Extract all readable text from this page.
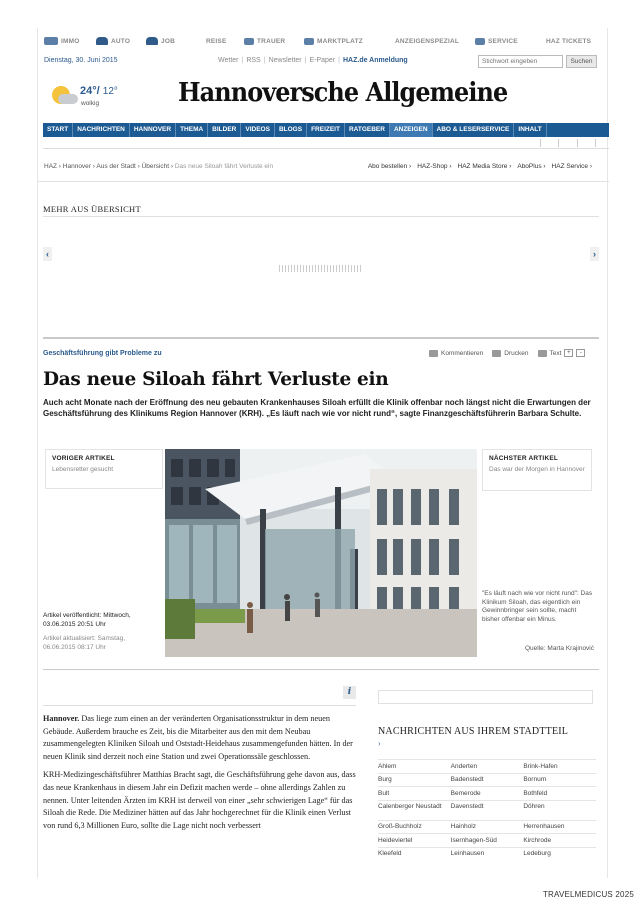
IMMO	AUTO	JOB	REISE	TRAUER	MARKTPLATZ	ANZEIGENSPEZIAL	SERVICE	HAZ TICKETS
Dienstag, 30. Juni 2015	Wetter | RSS | Newsletter | E-Paper | HAZ.de Anmeldung
Stichwort eingeben	Suchen
24°/ 12°
wolkig	Hannoversche Allgemeine
START	NACHRICHTEN	HANNOVER	THEMA	BILDER	VIDEOS	BLOGS	FREIZEIT	RATGEBER	ANZEIGEN	ABO & LESERSERVICE	INHALT
HAZ › Hannover › Aus der Stadt › Übersicht › Das neue Siloah fährt Verluste ein	Abo bestellen › HAZ-Shop › HAZ Media Store › AboPlus › HAZ Service ›
MEHR AUS ÜBERSICHT
‹	›
Geschäftsführung gibt Probleme zu	Kommentieren	Drucken	Text +	-
Das neue Siloah fährt Verluste ein

Auch acht Monate nach der Eröffnung des neu gebauten Krankenhauses Siloah erfüllt die Klinik offenbar noch längst nicht die Erwartungen der Geschäftsführung des Klinikums Region Hannover (KRH). „Es läuft nach wie vor nicht rund“, sagte Finanzgeschäftsführerin Barbara Schulte.

VORIGER ARTIKEL
Lebensretter gesucht
NÄCHSTER ARTIKEL
Das war der Morgen in Hannover
Artikel veröffentlicht: Mittwoch,
03.06.2015 20:51 Uhr
Artikel aktualisiert: Samstag,
06.06.2015 08:17 Uhr
"Es läuft nach wie vor nicht rund": Das Klinikum Siloah, das eigentlich ein Gewinnbringer sein sollte, macht bisher offenbar ein Minus.
Quelle: Marta Krajinović
i

Hannover. Das liege zum einen an der veränderten Organisationsstruktur in dem neuen Gebäude. Außerdem brauche es Zeit, bis die Mitarbeiter aus den mit dem Neubau zusammengelegten Kliniken Siloah und Oststadt-Heidehaus zusammengefunden hätten. In der neuen Klinik sind derzeit noch eine Station und zwei Operationssäle geschlossen.

KRH-Medizingeschäftsführer Matthias Bracht sagt, die Geschäftsführung gehe davon aus, dass das neue Krankenhaus in diesem Jahr ein Defizit machen werde – ohne allerdings Zahlen zu nennen. Unter leitenden Ärzten im KRH ist derweil von einer „sehr schwierigen Lage“ für das Siloah die Rede. Die Mediziner hätten auf das Jahr hochgerechnet für die Klinik einen Verlust von rund 6,3 Millionen Euro, sollte die Lage nicht noch verbessert

NACHRICHTEN AUS IHREM STADTTEIL
›
Ahlem	Anderten	Brink-Hafen
Burg	Badenstedt	Bornum
Bult	Bemerode	Bothfeld
Calenberger Neustadt	Davenstedt	Döhren
Groß-Buchholz	Hainholz	Herrenhausen
Heideviertel	Isernhagen-Süd	Kirchrode
Kleefeld	Leinhausen	Ledeburg
TRAVELMEDICUS 2025
